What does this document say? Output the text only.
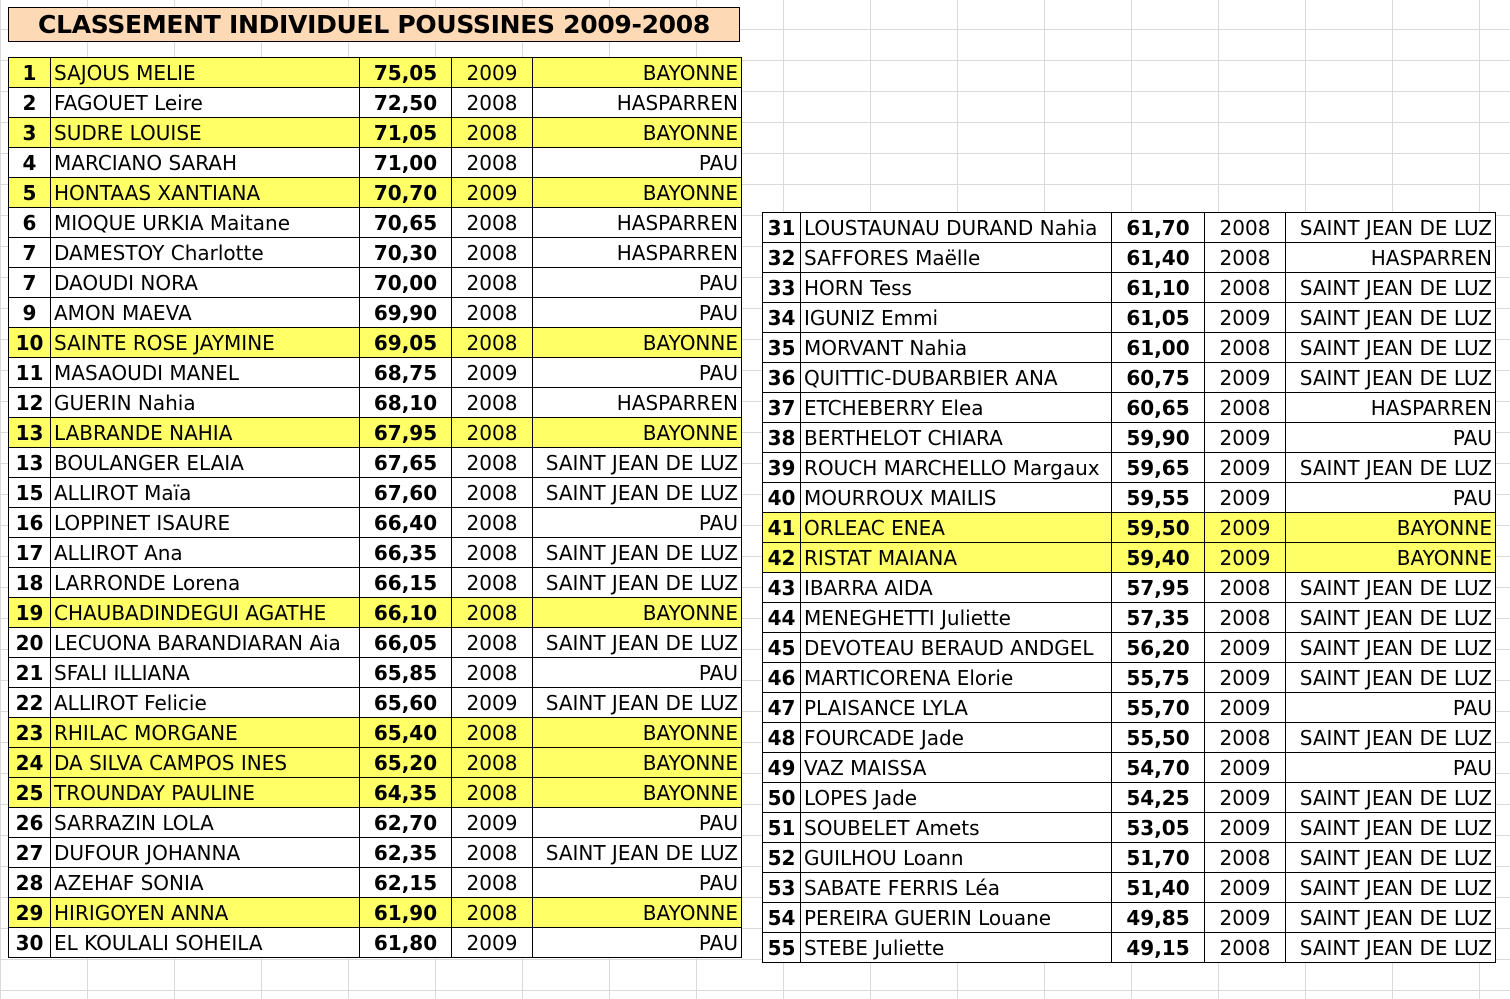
CLASSEMENT INDIVIDUEL POUSSINES 2009-2008
1	SAJOUS MELIE	75,05	2009	BAYONNE
2	FAGOUET Leire	72,50	2008	HASPARREN
3	SUDRE LOUISE	71,05	2008	BAYONNE
4	MARCIANO SARAH	71,00	2008	PAU
5	HONTAAS XANTIANA	70,70	2009	BAYONNE
6	MIOQUE URKIA Maitane	70,65	2008	HASPARREN
7	DAMESTOY Charlotte	70,30	2008	HASPARREN
7	DAOUDI NORA	70,00	2008	PAU
9	AMON MAEVA	69,90	2008	PAU
10	SAINTE ROSE JAYMINE	69,05	2008	BAYONNE
11	MASAOUDI MANEL	68,75	2009	PAU
12	GUERIN Nahia	68,10	2008	HASPARREN
13	LABRANDE NAHIA	67,95	2008	BAYONNE
13	BOULANGER ELAIA	67,65	2008	SAINT JEAN DE LUZ
15	ALLIROT Maïa	67,60	2008	SAINT JEAN DE LUZ
16	LOPPINET ISAURE	66,40	2008	PAU
17	ALLIROT Ana	66,35	2008	SAINT JEAN DE LUZ
18	LARRONDE Lorena	66,15	2008	SAINT JEAN DE LUZ
19	CHAUBADINDEGUI AGATHE	66,10	2008	BAYONNE
20	LECUONA BARANDIARAN Aia	66,05	2008	SAINT JEAN DE LUZ
21	SFALI ILLIANA	65,85	2008	PAU
22	ALLIROT Felicie	65,60	2009	SAINT JEAN DE LUZ
23	RHILAC MORGANE	65,40	2008	BAYONNE
24	DA SILVA CAMPOS INES	65,20	2008	BAYONNE
25	TROUNDAY PAULINE	64,35	2008	BAYONNE
26	SARRAZIN LOLA	62,70	2009	PAU
27	DUFOUR JOHANNA	62,35	2008	SAINT JEAN DE LUZ
28	AZEHAF SONIA	62,15	2008	PAU
29	HIRIGOYEN ANNA	61,90	2008	BAYONNE
30	EL KOULALI SOHEILA	61,80	2009	PAU
31	LOUSTAUNAU DURAND Nahia	61,70	2008	SAINT JEAN DE LUZ
32	SAFFORES Maëlle	61,40	2008	HASPARREN
33	HORN Tess	61,10	2008	SAINT JEAN DE LUZ
34	IGUNIZ Emmi	61,05	2009	SAINT JEAN DE LUZ
35	MORVANT Nahia	61,00	2008	SAINT JEAN DE LUZ
36	QUITTIC-DUBARBIER ANA	60,75	2009	SAINT JEAN DE LUZ
37	ETCHEBERRY Elea	60,65	2008	HASPARREN
38	BERTHELOT CHIARA	59,90	2009	PAU
39	ROUCH MARCHELLO Margaux	59,65	2009	SAINT JEAN DE LUZ
40	MOURROUX MAILIS	59,55	2009	PAU
41	ORLEAC ENEA	59,50	2009	BAYONNE
42	RISTAT MAIANA	59,40	2009	BAYONNE
43	IBARRA AIDA	57,95	2008	SAINT JEAN DE LUZ
44	MENEGHETTI Juliette	57,35	2008	SAINT JEAN DE LUZ
45	DEVOTEAU BERAUD ANDGEL	56,20	2009	SAINT JEAN DE LUZ
46	MARTICORENA Elorie	55,75	2009	SAINT JEAN DE LUZ
47	PLAISANCE LYLA	55,70	2009	PAU
48	FOURCADE Jade	55,50	2008	SAINT JEAN DE LUZ
49	VAZ MAISSA	54,70	2009	PAU
50	LOPES Jade	54,25	2009	SAINT JEAN DE LUZ
51	SOUBELET Amets	53,05	2009	SAINT JEAN DE LUZ
52	GUILHOU Loann	51,70	2008	SAINT JEAN DE LUZ
53	SABATE FERRIS Léa	51,40	2009	SAINT JEAN DE LUZ
54	PEREIRA GUERIN Louane	49,85	2009	SAINT JEAN DE LUZ
55	STEBE Juliette	49,15	2008	SAINT JEAN DE LUZ
